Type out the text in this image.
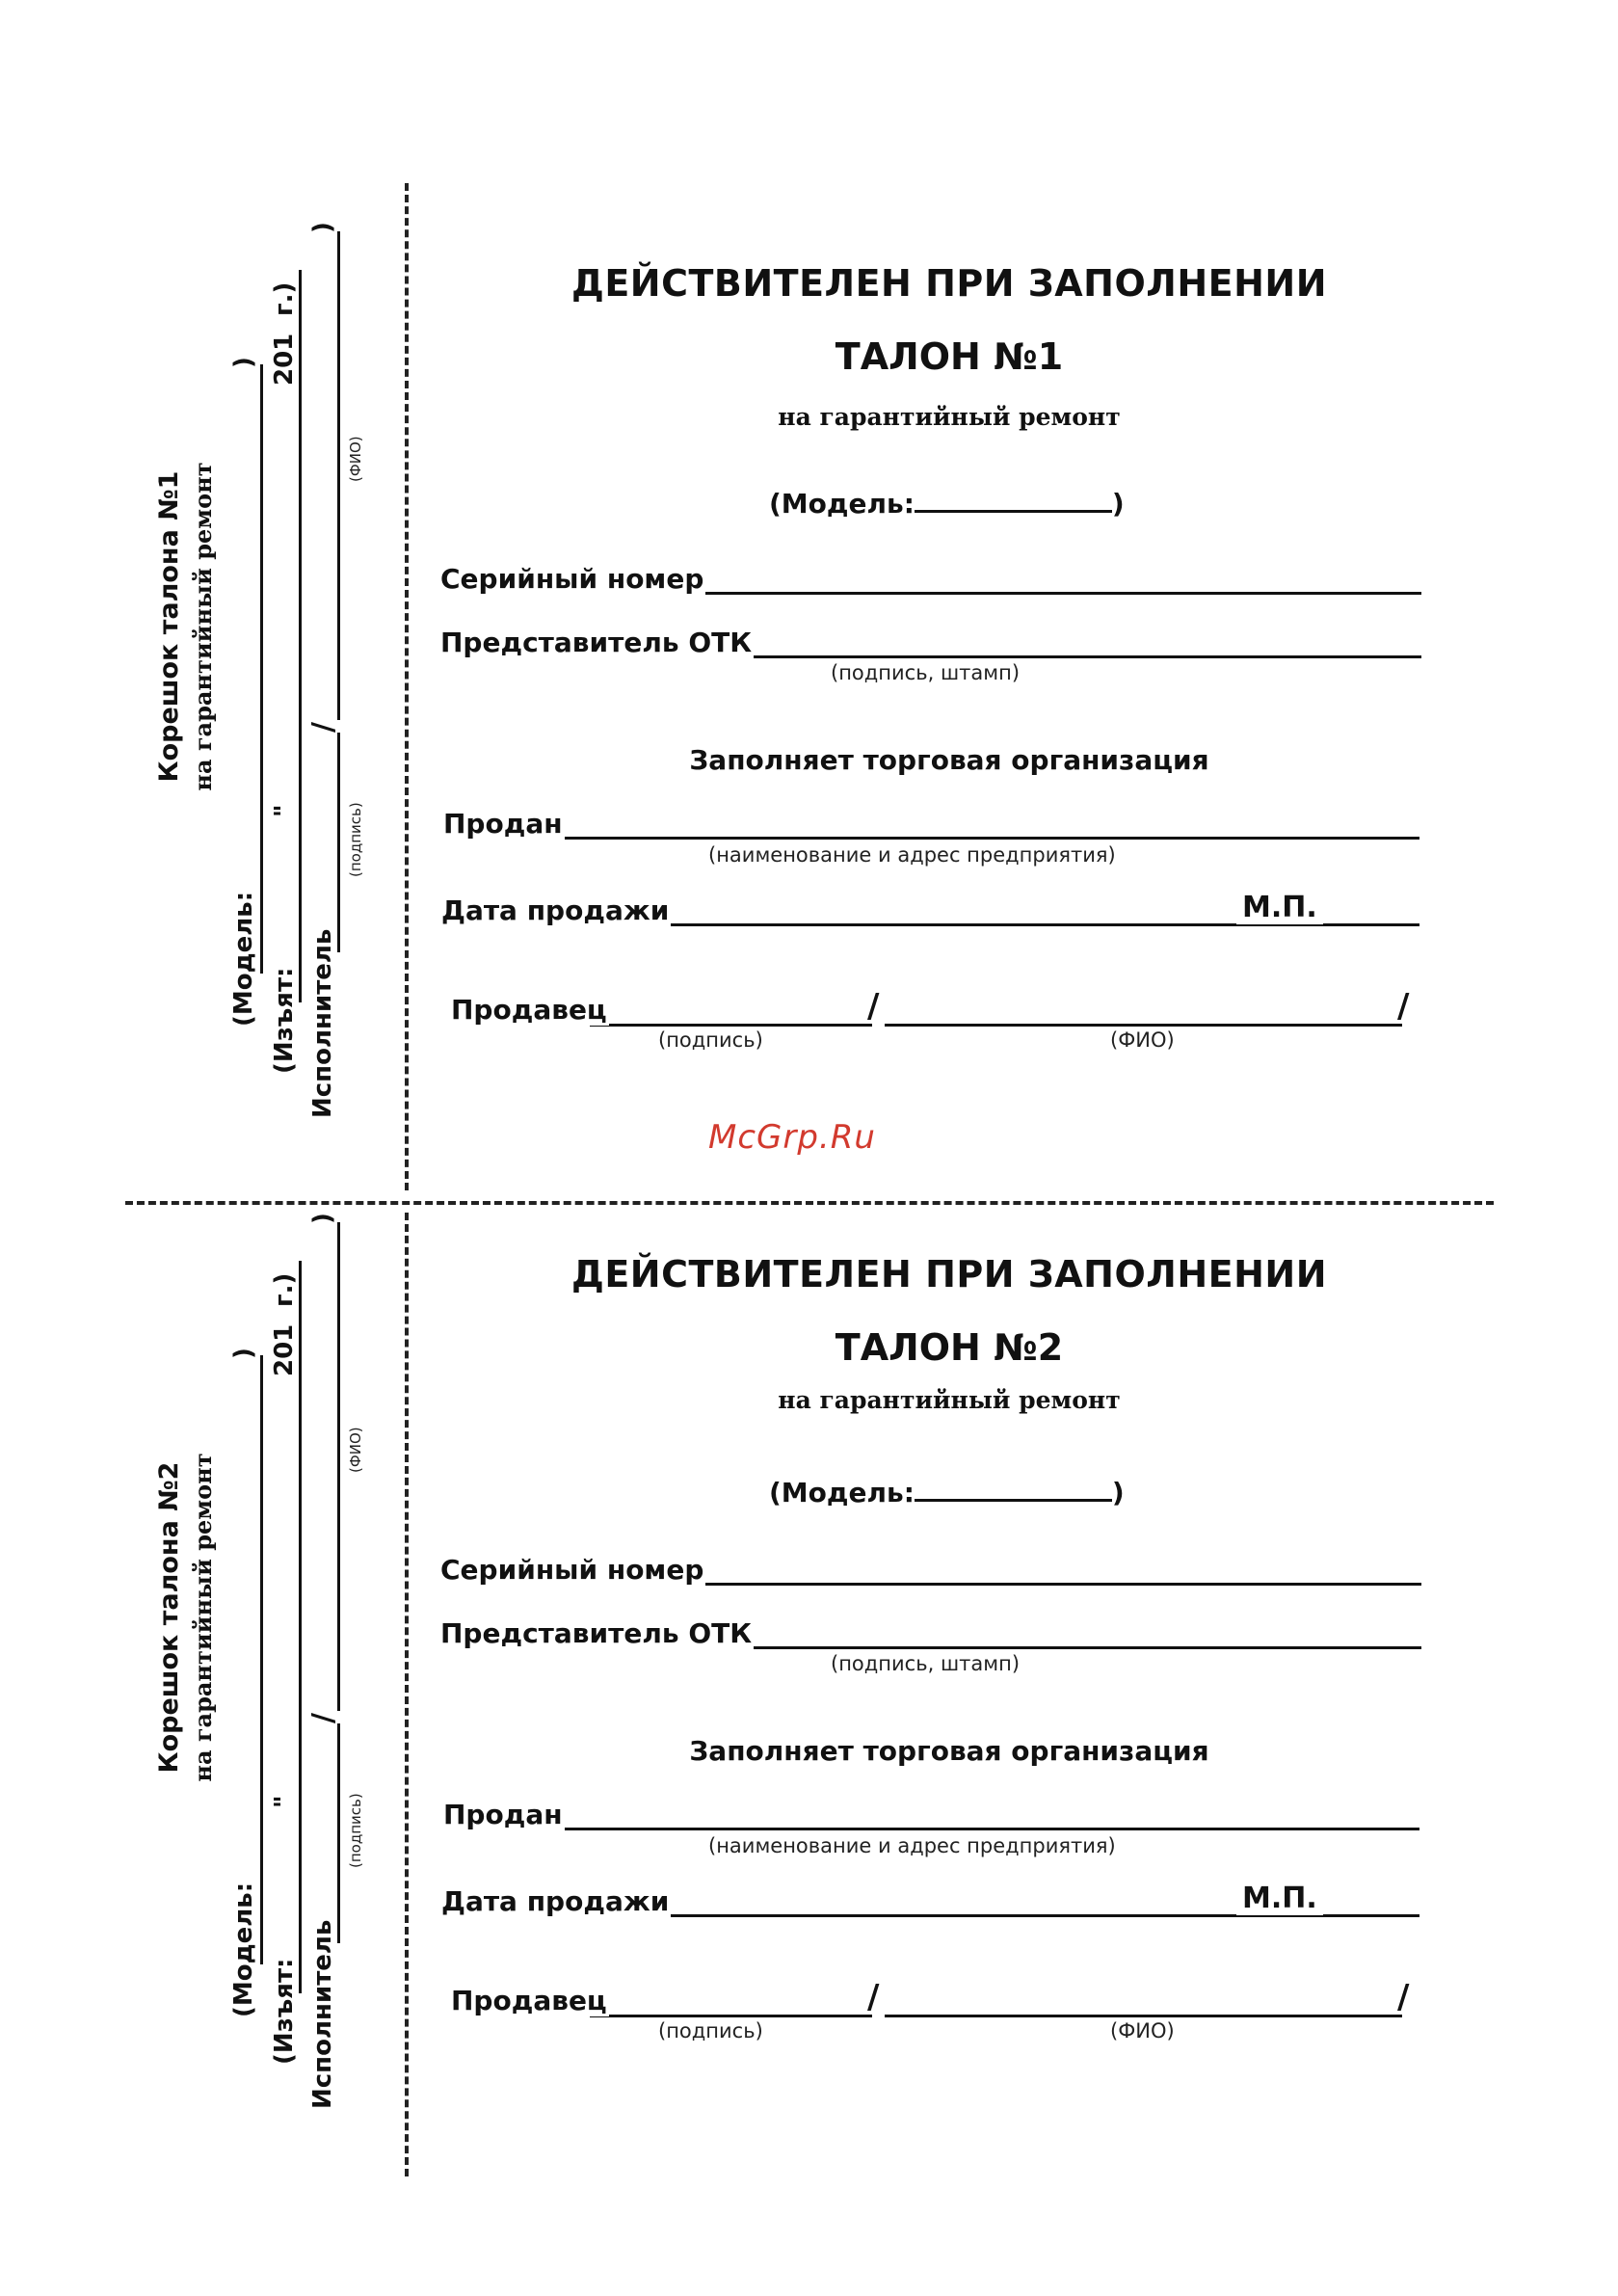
ДЕЙСТВИТЕЛЕН ПРИ ЗАПОЛНЕНИИ
ТАЛОН №1
на гарантийный ремонт
(Модель:	)
Серийный номер
Представитель ОТК
(подпись, штамп)
Заполняет торговая организация
Продан
(наименование и адрес предприятия)
Дата продажи	М.П.
/	/
Продавец
(подпись)	(ФИО)
ДЕЙСТВИТЕЛЕН ПРИ ЗАПОЛНЕНИИ
ТАЛОН №2
на гарантийный ремонт
(Модель:	)
Серийный номер
Представитель ОТК
(подпись, штамп)
Заполняет торговая организация
Продан
(наименование и адрес предприятия)
Дата продажи	М.П.
/	/
Продавец
(подпись)	(ФИО)
Корешок талона №1 на гарантийный ремонт
(Модель:
)
(Изъят:
"
201
г.)
Исполнитель
/
)
(подпись)
(ФИО)
Корешок талона №2 на гарантийный ремонт
(Модель:
)
(Изъят:
"
201
г.)
Исполнитель
/
)
(подпись)
(ФИО)
McGrp.Ru
